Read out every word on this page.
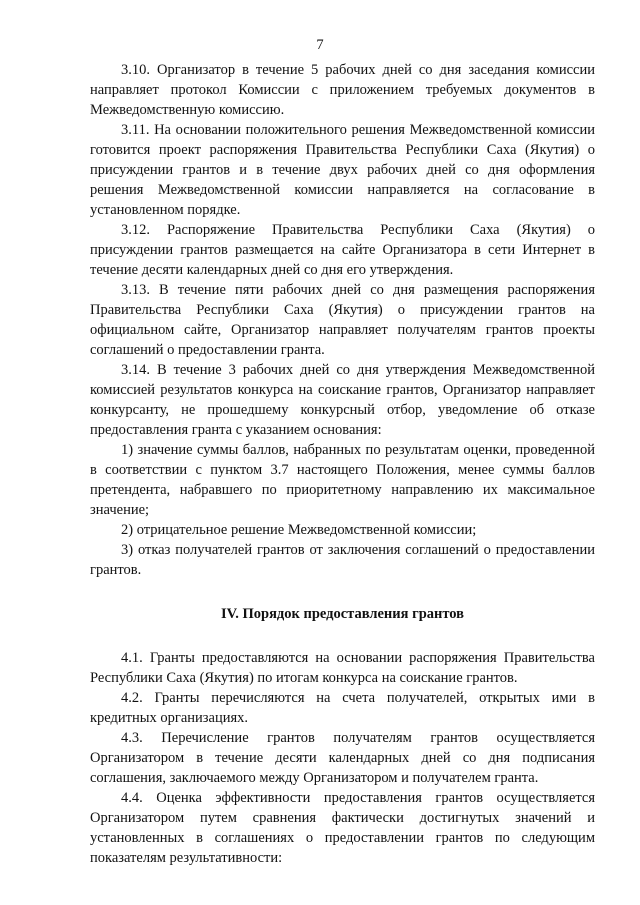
7

3.10. Организатор в течение 5 рабочих дней со дня заседания комиссии направляет протокол Комиссии с приложением требуемых документов в Межведомственную комиссию.

3.11. На основании положительного решения Межведомственной комиссии готовится проект распоряжения Правительства Республики Саха (Якутия) о присуждении грантов и в течение двух рабочих дней со дня оформления решения Межведомственной комиссии направляется на согласование в установленном порядке.

3.12. Распоряжение Правительства Республики Саха (Якутия) о присуждении грантов размещается на сайте Организатора в сети Интернет в течение десяти календарных дней со дня его утверждения.

3.13. В течение пяти рабочих дней со дня размещения распоряжения Правительства Республики Саха (Якутия) о присуждении грантов на официальном сайте, Организатор направляет получателям грантов проекты соглашений о предоставлении гранта.

3.14. В течение 3 рабочих дней со дня утверждения Межведомственной комиссией результатов конкурса на соискание грантов, Организатор направляет конкурсанту, не прошедшему конкурсный отбор, уведомление об отказе предоставления гранта с указанием основания:

1) значение суммы баллов, набранных по результатам оценки, проведенной в соответствии с пунктом 3.7 настоящего Положения, менее суммы баллов претендента, набравшего по приоритетному направлению их максимальное значение;

2) отрицательное решение Межведомственной комиссии;

3) отказ получателей грантов от заключения соглашений о предоставлении грантов.

IV. Порядок предоставления грантов

4.1. Гранты предоставляются на основании распоряжения Правительства Республики Саха (Якутия) по итогам конкурса на соискание грантов.

4.2. Гранты перечисляются на счета получателей, открытых ими в кредитных организациях.

4.3. Перечисление грантов получателям грантов осуществляется Организатором в течение десяти календарных дней со дня подписания соглашения, заключаемого между Организатором и получателем гранта.

4.4. Оценка эффективности предоставления грантов осуществляется Организатором путем сравнения фактически достигнутых значений и установленных в соглашениях о предоставлении грантов по следующим показателям результативности:
